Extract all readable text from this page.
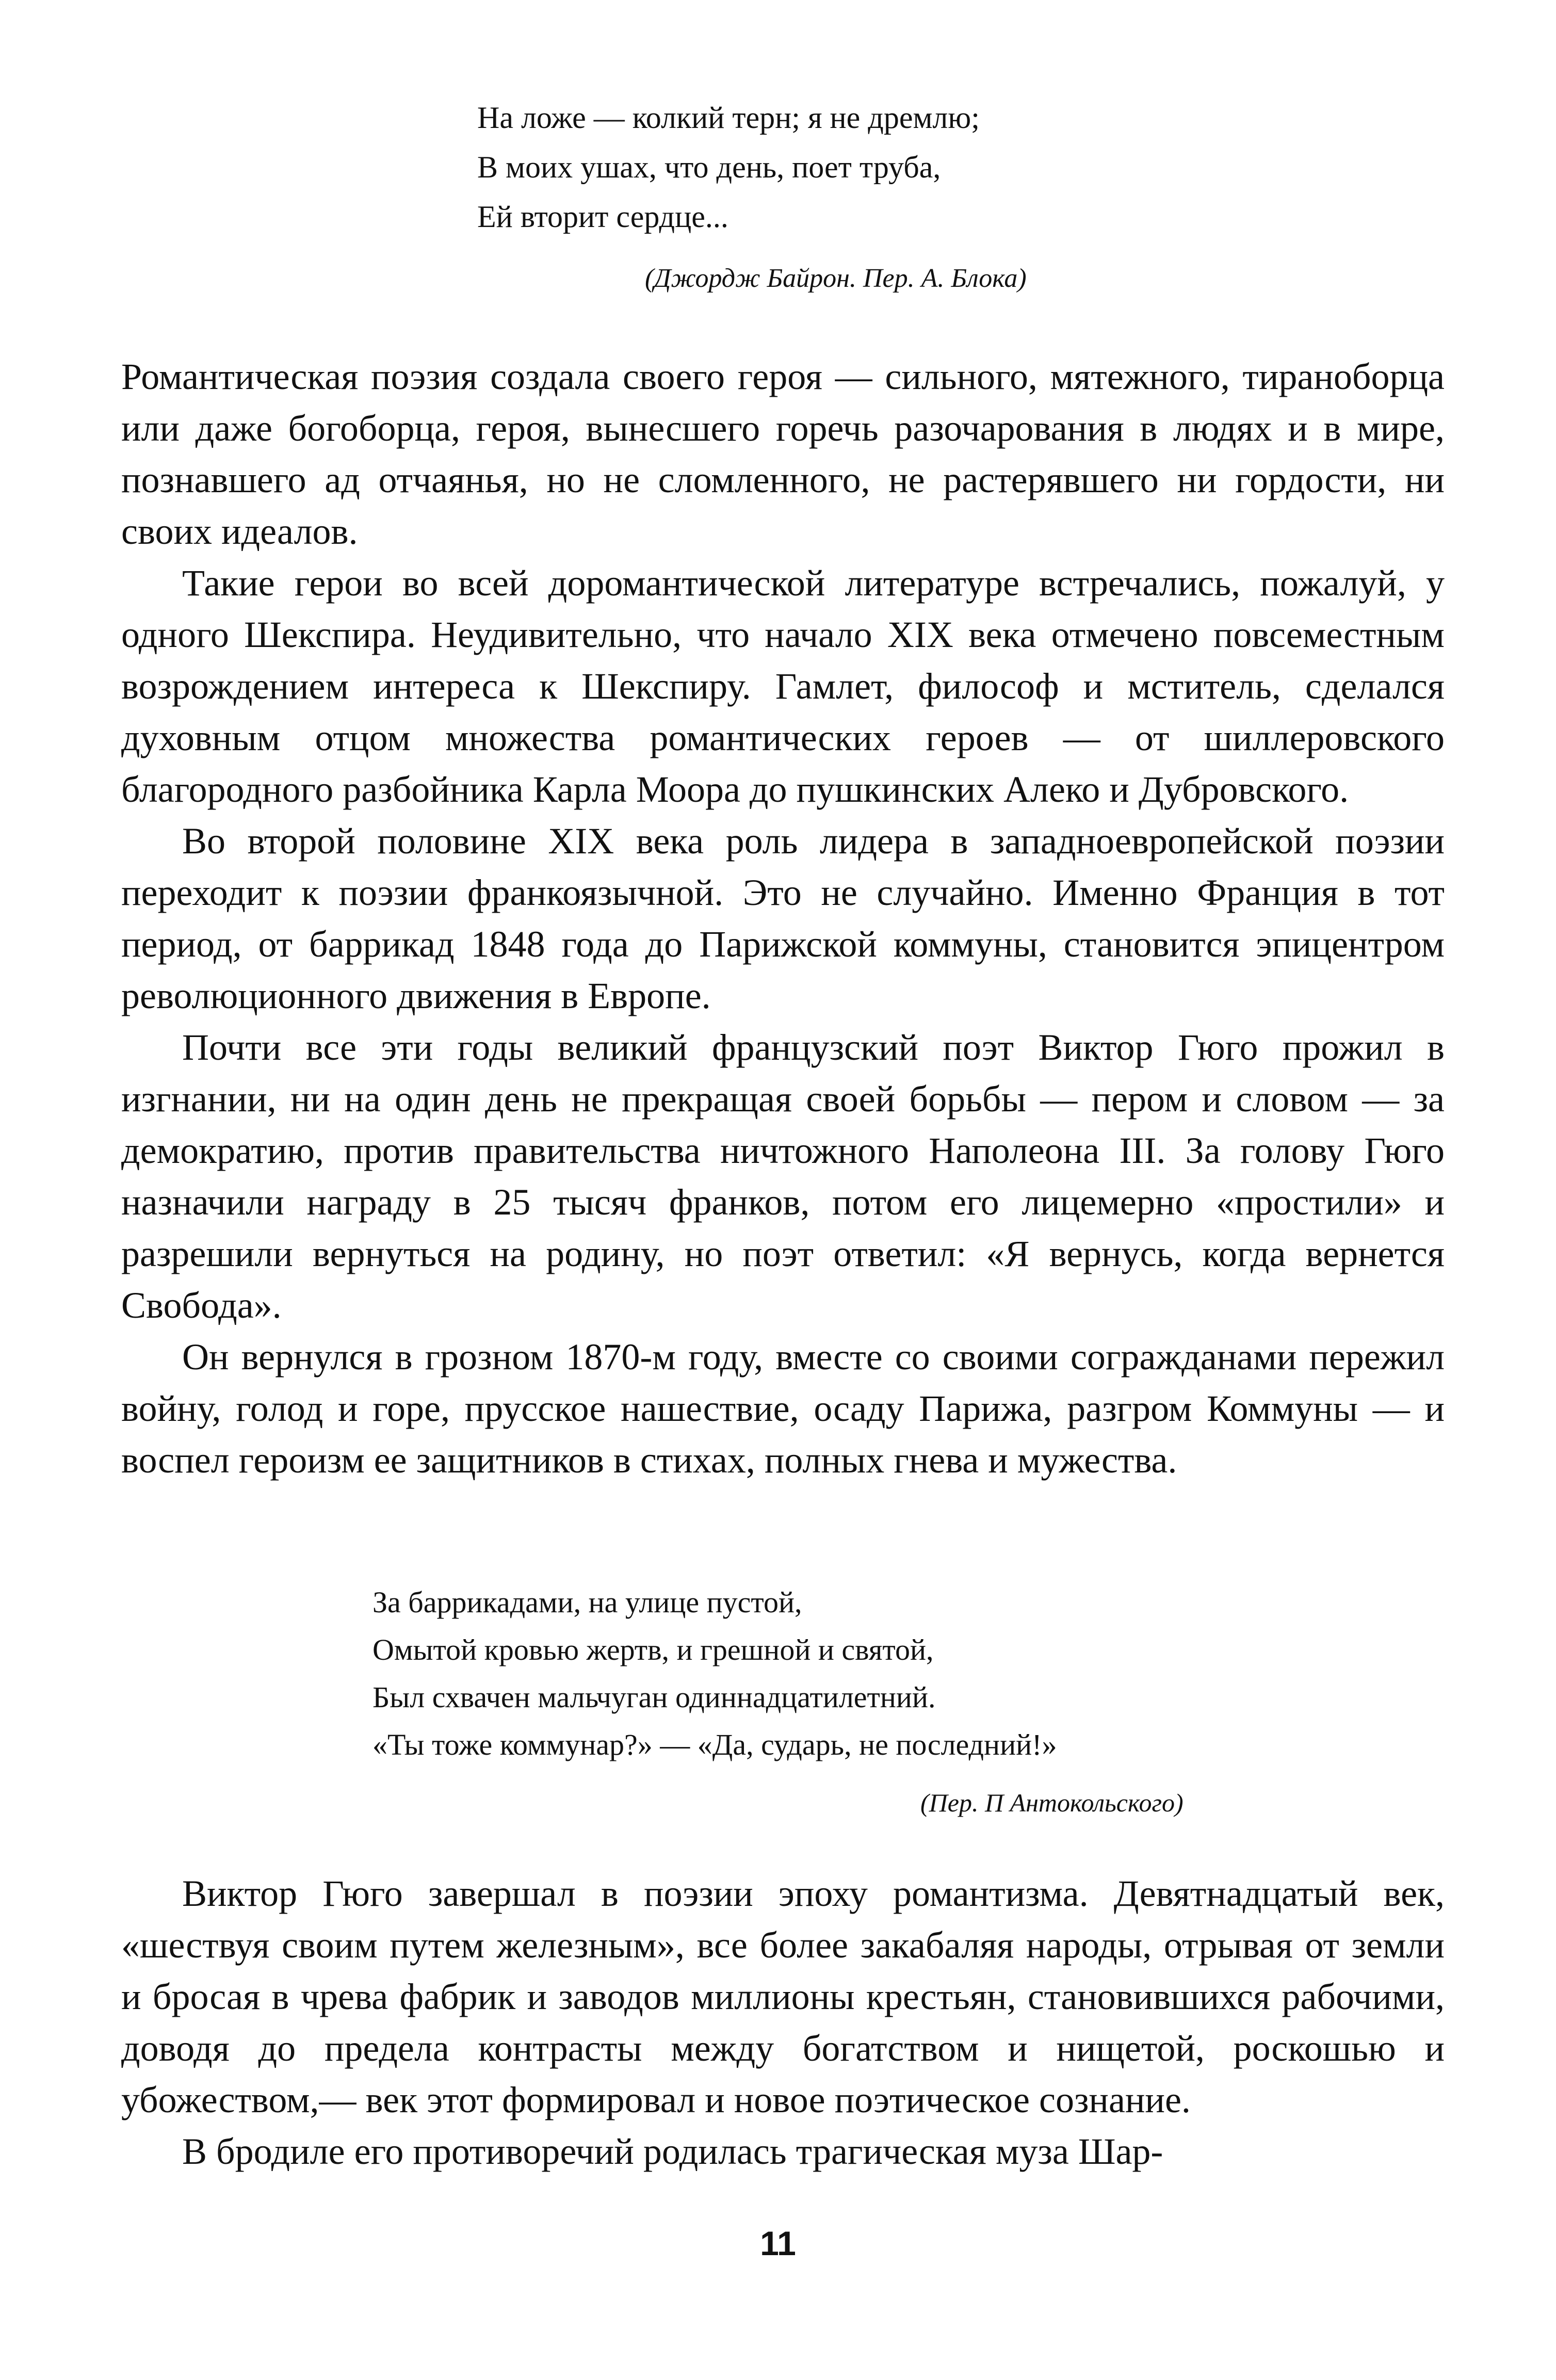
На ложе — колкий терн; я не дремлю;
В моих ушах, что день, поет труба,
Ей вторит сердце...
(Джордж Байрон. Пер. А. Блока)

Романтическая поэзия создала своего героя — сильного, мятежного, тираноборца или даже богоборца, героя, вынесшего горечь разочарования в людях и в мире, познавшего ад отчаянья, но не сломленного, не растерявшего ни гордости, ни своих идеалов.

Такие герои во всей доромантической литературе встречались, пожалуй, у одного Шекспира. Неудивительно, что начало XIX века отмечено повсеместным возрождением интереса к Шекспиру. Гамлет, философ и мститель, сделался духовным отцом множества романтических героев — от шиллеровского благородного разбойника Карла Моора до пушкинских Алеко и Дубровского.

Во второй половине XIX века роль лидера в западноевропейской поэзии переходит к поэзии франкоязычной. Это не случайно. Именно Франция в тот период, от баррикад 1848 года до Парижской коммуны, становится эпицентром революционного движения в Европе.

Почти все эти годы великий французский поэт Виктор Гюго прожил в изгнании, ни на один день не прекращая своей борьбы — пером и словом — за демократию, против правительства ничтожного Наполеона III. За голову Гюго назначили награду в 25 тысяч франков, потом его лицемерно «простили» и разрешили вернуться на родину, но поэт ответил: «Я вернусь, когда вернется Свобода».

Он вернулся в грозном 1870-м году, вместе со своими согражданами пережил войну, голод и горе, прусское нашествие, осаду Парижа, разгром Коммуны — и воспел героизм ее защитников в стихах, полных гнева и мужества.

За баррикадами, на улице пустой,
Омытой кровью жертв, и грешной и святой,
Был схвачен мальчуган одиннадцатилетний.
«Ты тоже коммунар?» — «Да, сударь, не последний!»
(Пер. П Антокольского)

Виктор Гюго завершал в поэзии эпоху романтизма. Девятнадцатый век, «шествуя своим путем железным», все более закабаляя народы, отрывая от земли и бросая в чрева фабрик и заводов миллионы крестьян, становившихся рабочими, доводя до предела контрасты между богатством и нищетой, роскошью и убожеством,— век этот формировал и новое поэтическое сознание.

В бродиле его противоречий родилась трагическая муза Шар-

11
